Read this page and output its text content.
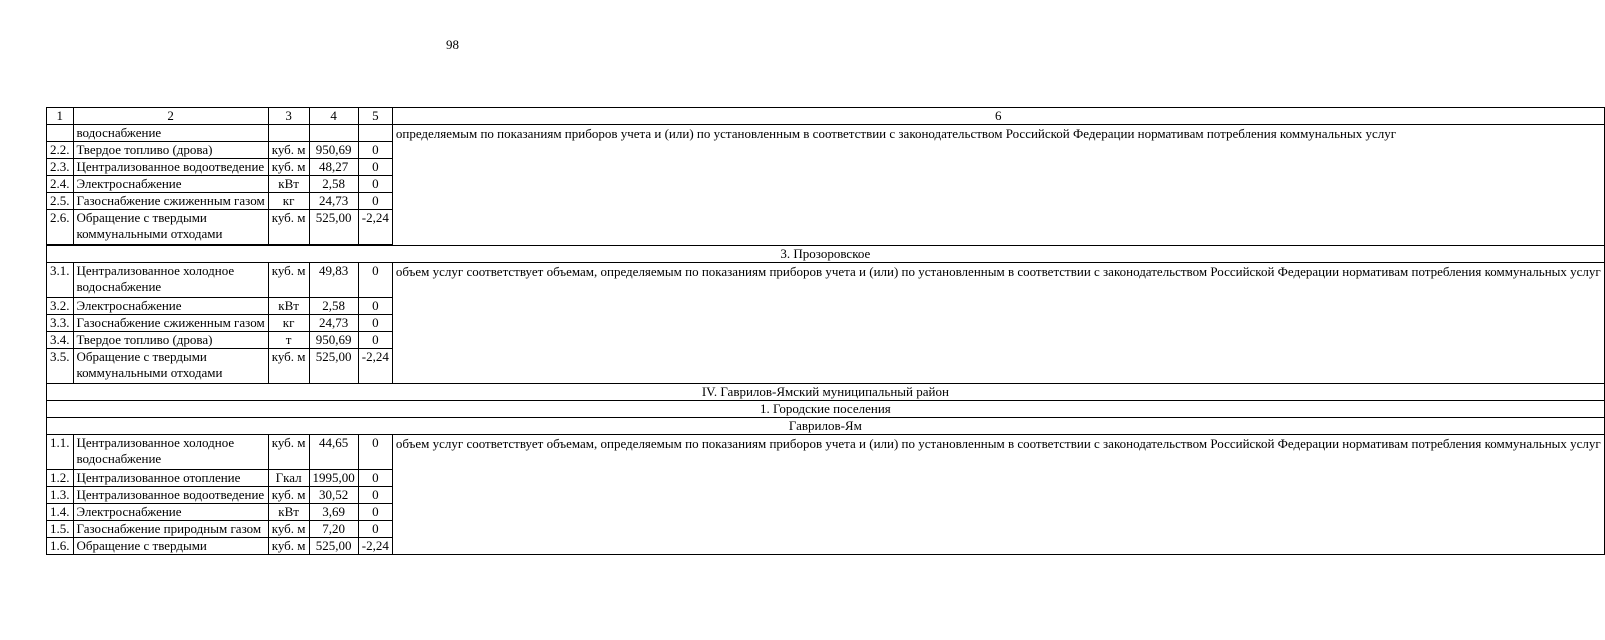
98
1	2	3	4	5	6
	водоснабжение				определяемым по показаниям приборов учета и (или) по установленным в соответствии с законодательством Российской Федерации нормативам потребления коммунальных услуг
2.2.	Твердое топливо (дрова)	куб. м	950,69	0	
2.3.	Централизованное водоотведение	куб. м	48,27	0	
2.4.	Электроснабжение	кВт	2,58	0	
2.5.	Газоснабжение сжиженным газом	кг	24,73	0	
2.6.	Обращение с твердыми
коммунальными отходами	куб. м	525,00	-2,24	

3. Прозоровское					
3.1.	Централизованное холодное
водоснабжение	куб. м	49,83	0	объем услуг соответствует объемам, определяемым по показаниям приборов учета и (или) по установленным в соответствии с законодательством Российской Федерации нормативам потребления коммунальных услуг
3.2.	Электроснабжение	кВт	2,58	0	
3.3.	Газоснабжение сжиженным газом	кг	24,73	0	
3.4.	Твердое топливо (дрова)	т	950,69	0	
3.5.	Обращение с твердыми
коммунальными отходами	куб. м	525,00	-2,24	
IV. Гаврилов-Ямский муниципальный район					
1. Городские поселения					
Гаврилов-Ям					
1.1.	Централизованное холодное
водоснабжение	куб. м	44,65	0	объем услуг соответствует объемам, определяемым по показаниям приборов учета и (или) по установленным в соответствии с законодательством Российской Федерации нормативам потребления коммунальных услуг
1.2.	Централизованное отопление	Гкал	1995,00	0	
1.3.	Централизованное водоотведение	куб. м	30,52	0	
1.4.	Электроснабжение	кВт	3,69	0	
1.5.	Газоснабжение природным газом	куб. м	7,20	0	
1.6.	Обращение с твердыми	куб. м	525,00	-2,24	
